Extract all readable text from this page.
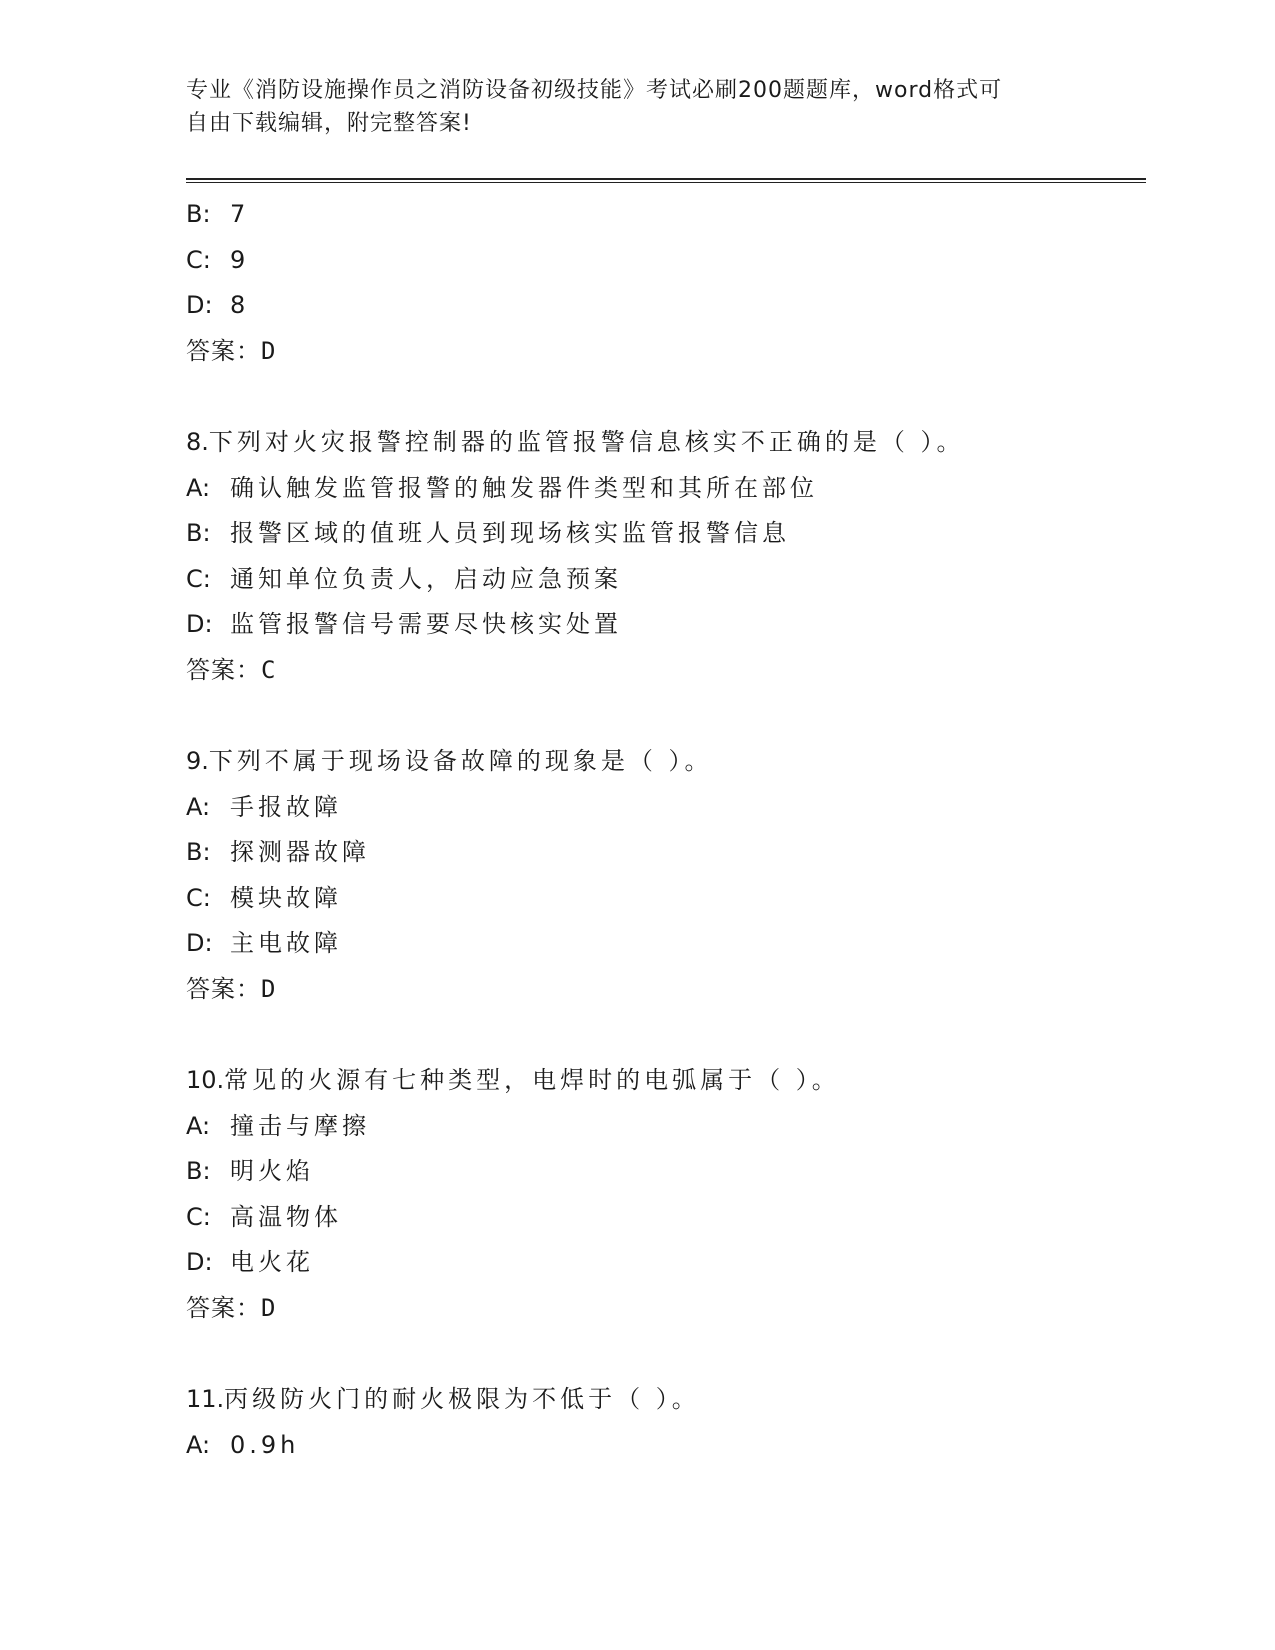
专业《消防设施操作员之消防设备初级技能》考试必刷200题题库，word格式可
自由下载编辑，附完整答案!
B: 7
C: 9
D: 8
答案：D
8.下列对火灾报警控制器的监管报警信息核实不正确的是（ ）。
A: 确认触发监管报警的触发器件类型和其所在部位
B: 报警区域的值班人员到现场核实监管报警信息
C: 通知单位负责人，启动应急预案
D: 监管报警信号需要尽快核实处置
答案：C
9.下列不属于现场设备故障的现象是（ ）。
A: 手报故障
B: 探测器故障
C: 模块故障
D: 主电故障
答案：D
10.常见的火源有七种类型，电焊时的电弧属于（ ）。
A: 撞击与摩擦
B: 明火焰
C: 高温物体
D: 电火花
答案：D
11.丙级防火门的耐火极限为不低于（ ）。
A: 0.9h
